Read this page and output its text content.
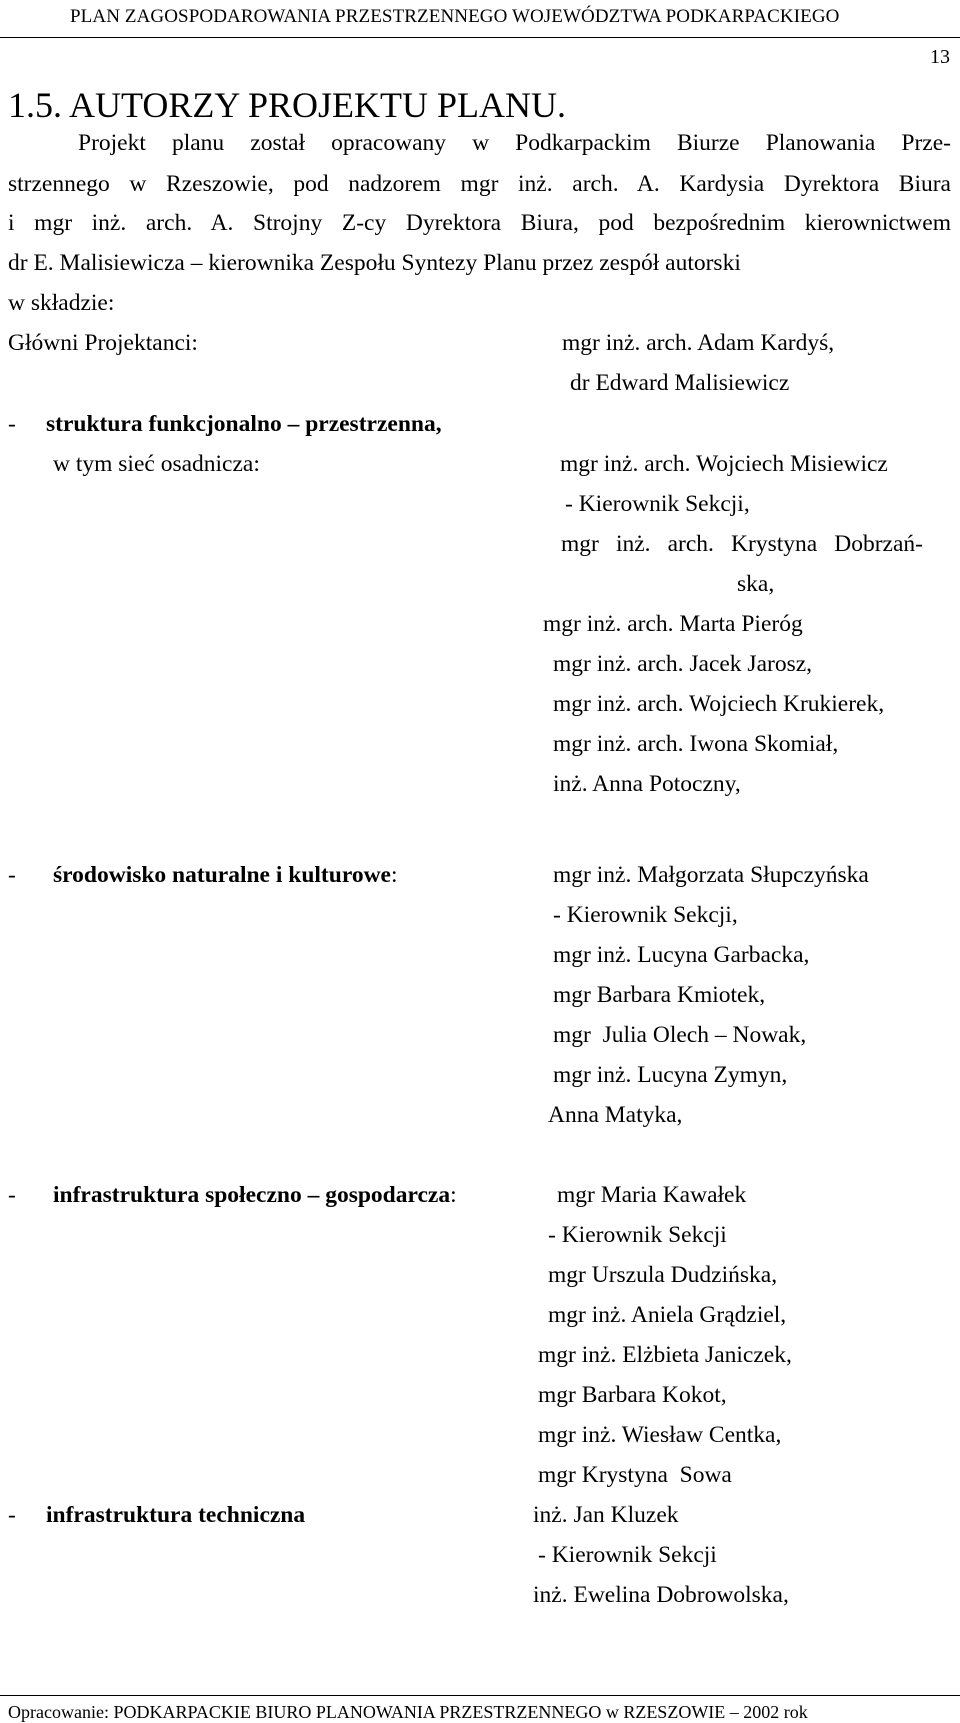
PLAN ZAGOSPODAROWANIA PRZESTRZENNEGO WOJEWÓDZTWA PODKARPACKIEGO
13
1.5. AUTORZY PROJEKTU PLANU.
Projekt planu został opracowany w Podkarpackim Biurze Planowania Prze-
strzennego w Rzeszowie, pod nadzorem mgr inż. arch. A. Kardysia Dyrektora Biura
i mgr inż. arch. A. Strojny Z-cy Dyrektora Biura, pod bezpośrednim kierownictwem
dr E. Malisiewicza – kierownika Zespołu Syntezy Planu przez zespół autorski
w składzie:
Główni Projektanci:	mgr inż. arch. Adam Kardyś,
dr Edward Malisiewicz
- struktura funkcjonalno – przestrzenna,
w tym sieć osadnicza:	mgr inż. arch. Wojciech Misiewicz
- Kierownik Sekcji,
mgr inż. arch. Krystyna Dobrzań-
ska,
mgr inż. arch. Marta Pieróg
mgr inż. arch. Jacek Jarosz,
mgr inż. arch. Wojciech Krukierek,
mgr inż. arch. Iwona Skomiał,
inż. Anna Potoczny,
- środowisko naturalne i kulturowe:	mgr inż. Małgorzata Słupczyńska
- Kierownik Sekcji,
mgr inż. Lucyna Garbacka,
mgr Barbara Kmiotek,
mgr  Julia Olech – Nowak,
mgr inż. Lucyna Zymyn,
Anna Matyka,
- infrastruktura społeczno – gospodarcza:	mgr Maria Kawałek
- Kierownik Sekcji
mgr Urszula Dudzińska,
mgr inż. Aniela Grądziel,
mgr inż. Elżbieta Janiczek,
mgr Barbara Kokot,
mgr inż. Wiesław Centka,
mgr Krystyna  Sowa
- infrastruktura techniczna	inż. Jan Kluzek
- Kierownik Sekcji
inż. Ewelina Dobrowolska,
Opracowanie: PODKARPACKIE BIURO PLANOWANIA PRZESTRZENNEGO w RZESZOWIE – 2002 rok
